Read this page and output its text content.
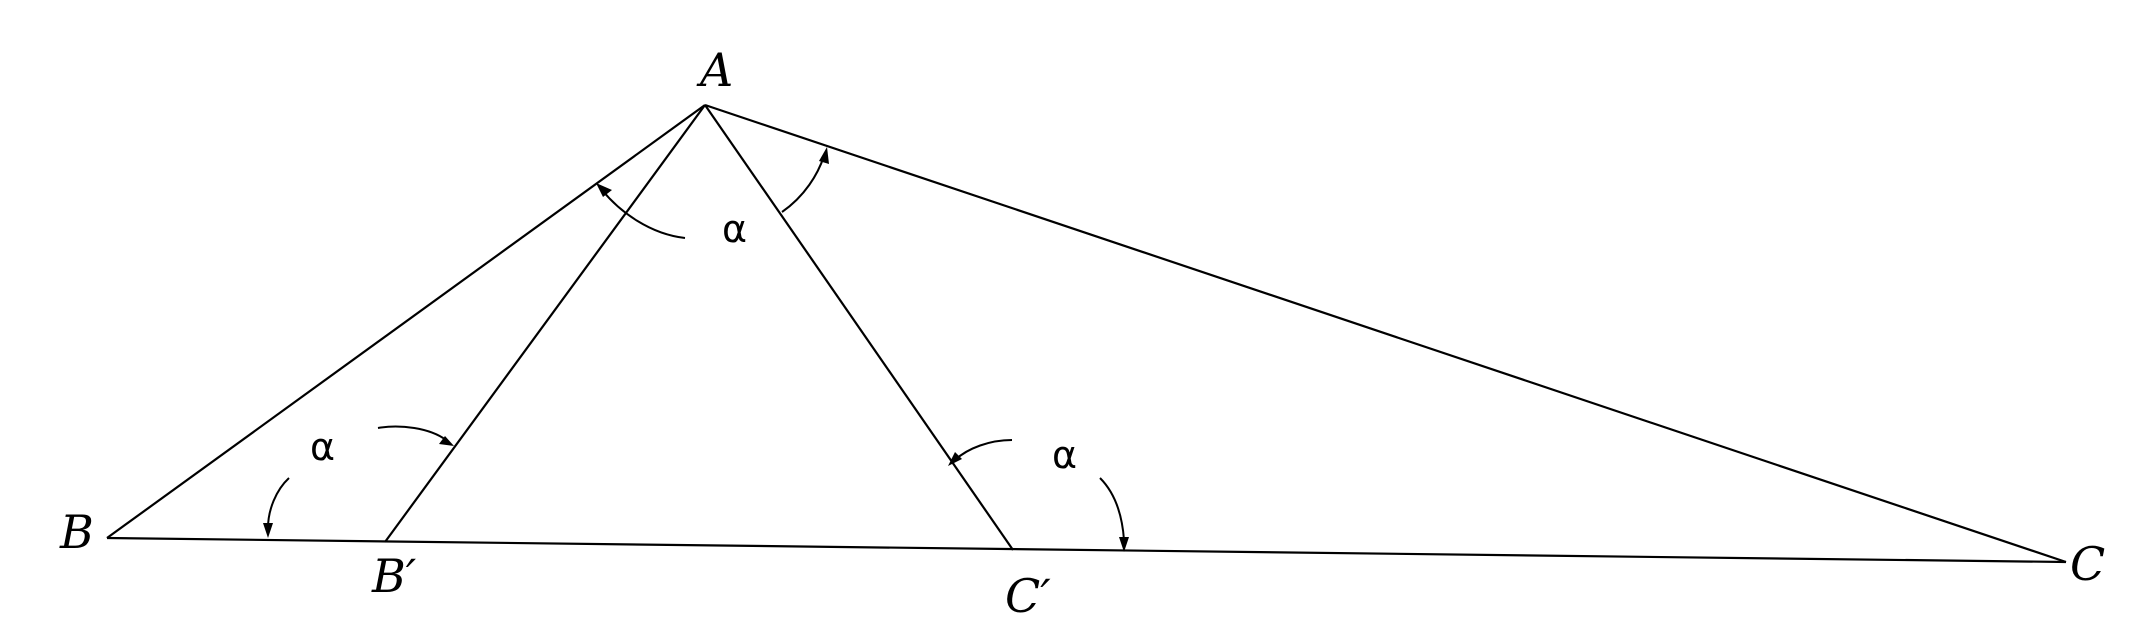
A
B
B′	C′
C
α
α	α
